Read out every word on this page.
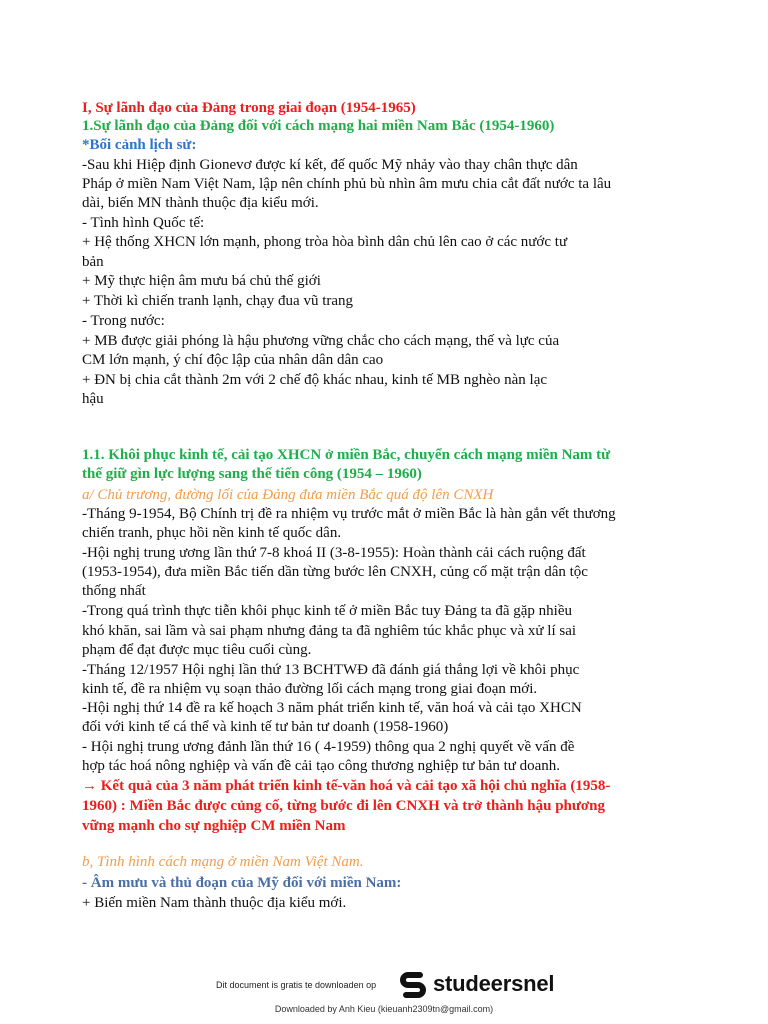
I, Sự lãnh đạo của Đảng trong giai đoạn (1954-1965)
1.Sự lãnh đạo của Đảng đối với cách mạng hai miền Nam Bắc (1954-1960)
*Bối cảnh lịch sử:
-Sau khi Hiệp định Gionevơ được kí kết, đế quốc Mỹ nhảy vào thay chân thực dân
Pháp ở miền Nam Việt Nam, lập nên chính phủ bù nhìn âm mưu chia cắt đất nước ta lâu
dài, biến MN thành thuộc địa kiểu mới.
- Tình hình Quốc tế:
+ Hệ thống XHCN lớn mạnh, phong tròa hòa bình dân chủ lên cao ở các nước tư
bản
+ Mỹ thực hiện âm mưu bá chủ thế giới
+ Thời kì chiến tranh lạnh, chạy đua vũ trang
- Trong nước:
+ MB được giải phóng là hậu phương vững chắc cho cách mạng, thế và lực của
CM lớn mạnh, ý chí độc lập của nhân dân dân cao
+ ĐN bị chia cắt thành 2m với 2 chế độ khác nhau, kinh tế MB nghèo nàn lạc
hậu
1.1. Khôi phục kinh tế, cải tạo XHCN ở miền Bắc, chuyển cách mạng miền Nam từ
thế giữ gìn lực lượng sang thế tiến công (1954 – 1960)
a/ Chủ trương, đường lối của Đảng đưa miền Bắc quá độ lên CNXH
-Tháng 9-1954, Bộ Chính trị đề ra nhiệm vụ trước mắt ở miền Bắc là hàn gắn vết thương
chiến tranh, phục hồi nền kinh tế quốc dân.
-Hội nghị trung ương lần thứ 7-8 khoá II (3-8-1955): Hoàn thành cải cách ruộng đất
(1953-1954), đưa miền Bắc tiến dần từng bước lên CNXH, củng cố mặt trận dân tộc
thống nhất
-Trong quá trình thực tiễn khôi phục kinh tế ở miền Bắc tuy Đảng ta đã gặp nhiều
khó khăn, sai lầm và sai phạm nhưng đảng ta đã nghiêm túc khắc phục và xử lí sai
phạm để đạt được mục tiêu cuối cùng.
-Tháng 12/1957 Hội nghị lần thứ 13 BCHTWĐ đã đánh giá thắng lợi về khôi phục
kinh tế, đề ra nhiệm vụ soạn thảo đường lối cách mạng trong giai đoạn mới.
-Hội nghị thứ 14 đề ra kế hoạch 3 năm phát triển kinh tế, văn hoá và cải tạo XHCN
đối với kinh tế cá thể và kinh tế tư bản tư doanh (1958-1960)
- Hội nghị trung ương đảnh lần thứ 16 ( 4-1959) thông qua 2 nghị quyết về vấn đề
hợp tác hoá nông nghiệp và vấn đề cải tạo công thương nghiệp tư bản tư doanh.
→ Kết quả của 3 năm phát triển kinh tế-văn hoá và cải tạo xã hội chủ nghĩa (1958-
1960) : Miền Bắc được củng cố, từng bước đi lên CNXH và trở thành hậu phương
vững mạnh cho sự nghiệp CM miền Nam
b, Tình hình cách mạng ở miền Nam Việt Nam.
- Âm mưu và thủ đoạn của Mỹ đối với miền Nam:
+ Biến miền Nam thành thuộc địa kiểu mới.
Dit document is gratis te downloaden op	studeersnel
Downloaded by Anh Kieu (kieuanh2309tn@gmail.com)
